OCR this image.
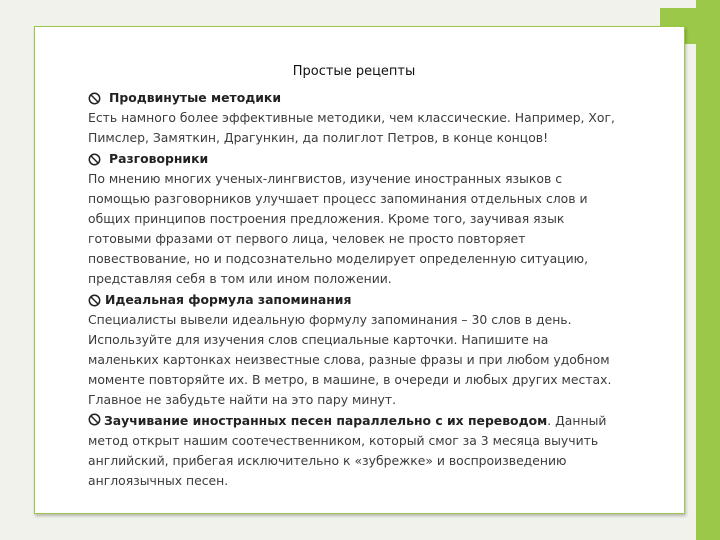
Простые рецепты
Продвинутые методики

Есть намного более эффективные методики, чем классические. Например, Хог, Пимслер, Замяткин, Драгункин, да полиглот Петров, в конце концов!

Разговорники

По мнению многих ученых-лингвистов, изучение иностранных языков с помощью разговорников улучшает процесс запоминания отдельных слов и общих принципов построения предложения. Кроме того, заучивая язык готовыми фразами от первого лица, человек не просто повторяет повествование, но и подсознательно моделирует определенную ситуацию, представляя себя в том или ином положении.

Идеальная формула запоминания

Специалисты вывели идеальную формулу запоминания – 30 слов в день. Используйте для изучения слов специальные карточки. Напишите на маленьких картонках неизвестные слова, разные фразы и при любом удобном моменте повторяйте их. В метро, в машине, в очереди и любых других местах. Главное не забудьте найти на это пару минут.

Заучивание иностранных песен параллельно с их переводом. Данный метод открыт нашим соотечественником, который смог за 3 месяца выучить английский, прибегая исключительно к «зубрежке» и воспроизведению англоязычных песен.
